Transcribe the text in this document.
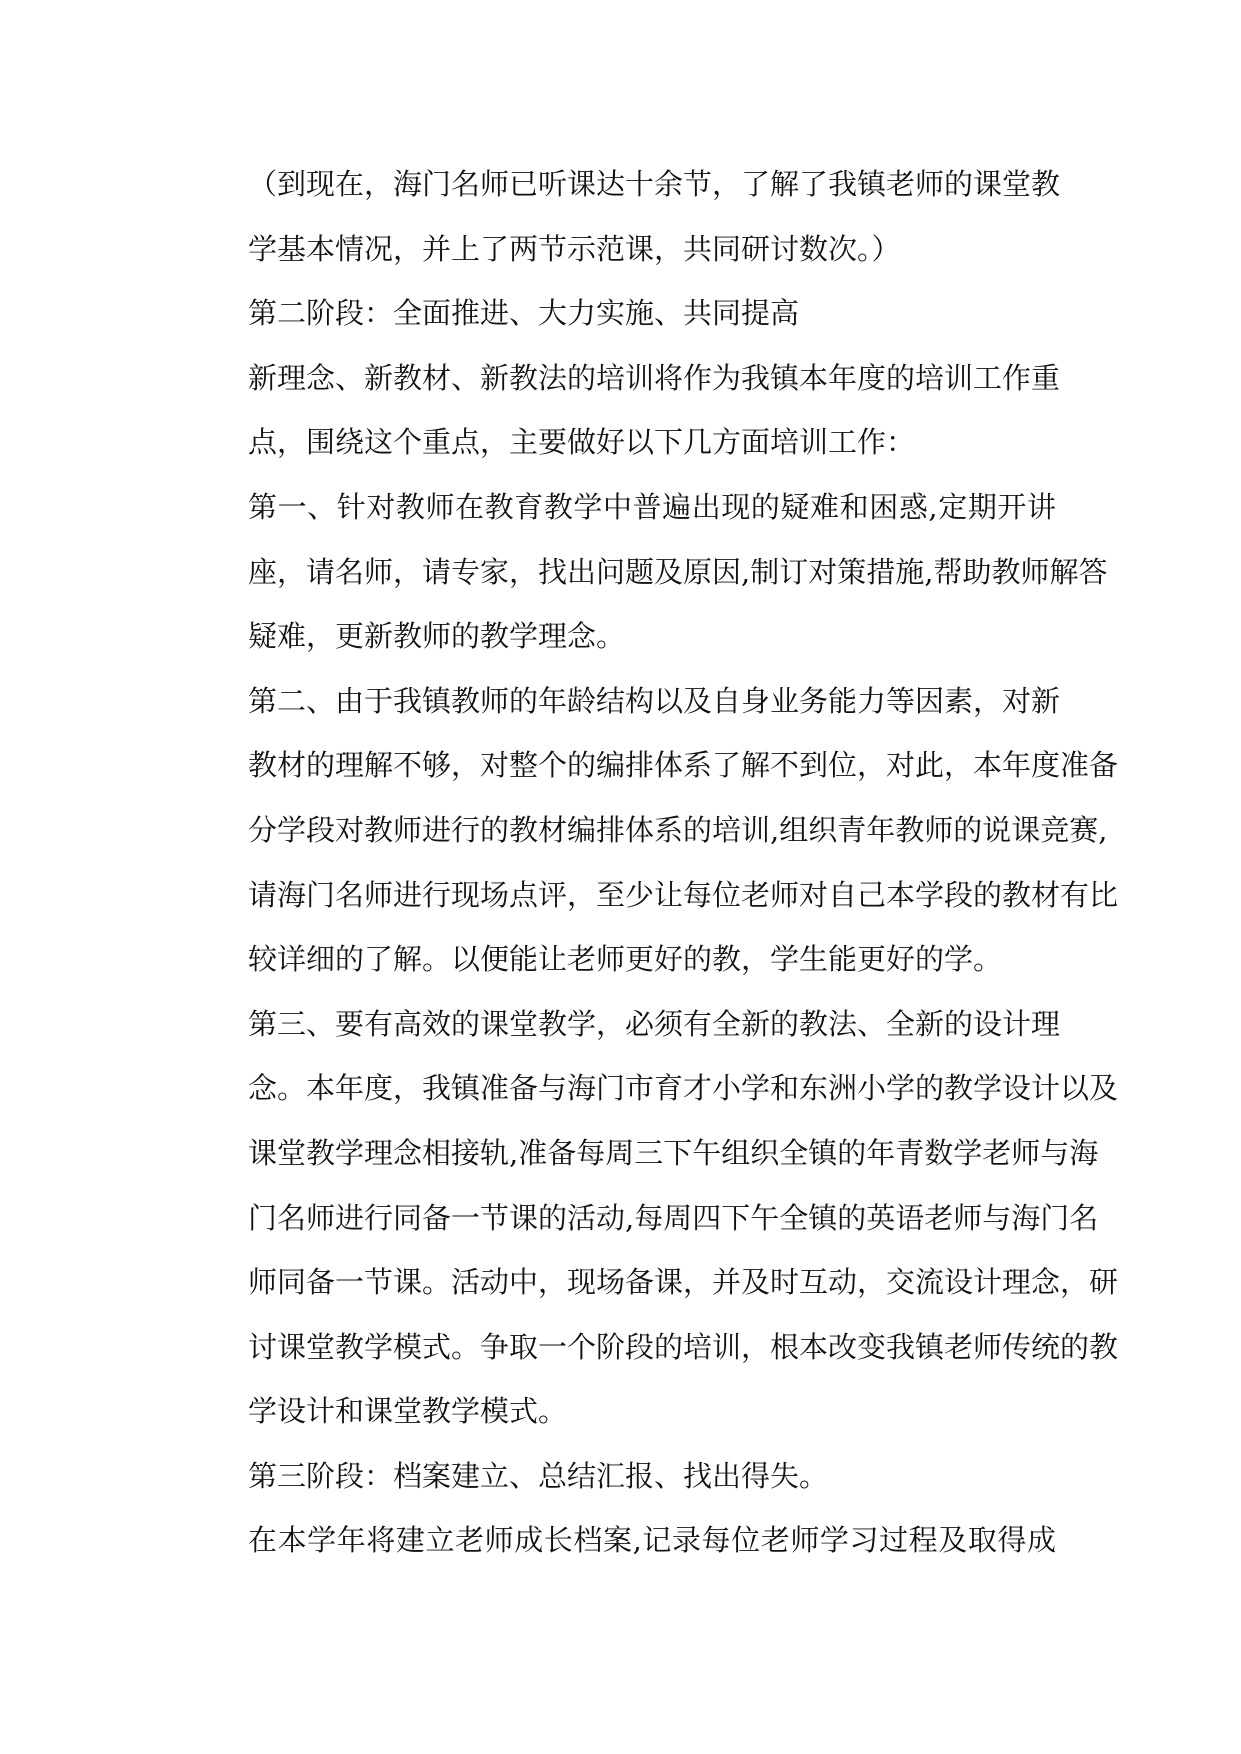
（到现在，海门名师已听课达十余节，了解了我镇老师的课堂教
学基本情况，并上了两节示范课，共同研讨数次。）

第二阶段：全面推进、大力实施、共同提高

新理念、新教材、新教法的培训将作为我镇本年度的培训工作重
点，围绕这个重点，主要做好以下几方面培训工作：

第一、针对教师在教育教学中普遍出现的疑难和困惑,定期开讲
座，请名师，请专家，找出问题及原因,制订对策措施,帮助教师解答
疑难，更新教师的教学理念。

第二、由于我镇教师的年龄结构以及自身业务能力等因素，对新
教材的理解不够，对整个的编排体系了解不到位，对此，本年度准备
分学段对教师进行的教材编排体系的培训,组织青年教师的说课竞赛,
请海门名师进行现场点评，至少让每位老师对自己本学段的教材有比
较详细的了解。以便能让老师更好的教，学生能更好的学。

第三、要有高效的课堂教学，必须有全新的教法、全新的设计理
念。本年度，我镇准备与海门市育才小学和东洲小学的教学设计以及
课堂教学理念相接轨,准备每周三下午组织全镇的年青数学老师与海
门名师进行同备一节课的活动,每周四下午全镇的英语老师与海门名
师同备一节课。活动中，现场备课，并及时互动，交流设计理念，研
讨课堂教学模式。争取一个阶段的培训，根本改变我镇老师传统的教
学设计和课堂教学模式。

第三阶段：档案建立、总结汇报、找出得失。

在本学年将建立老师成长档案,记录每位老师学习过程及取得成
